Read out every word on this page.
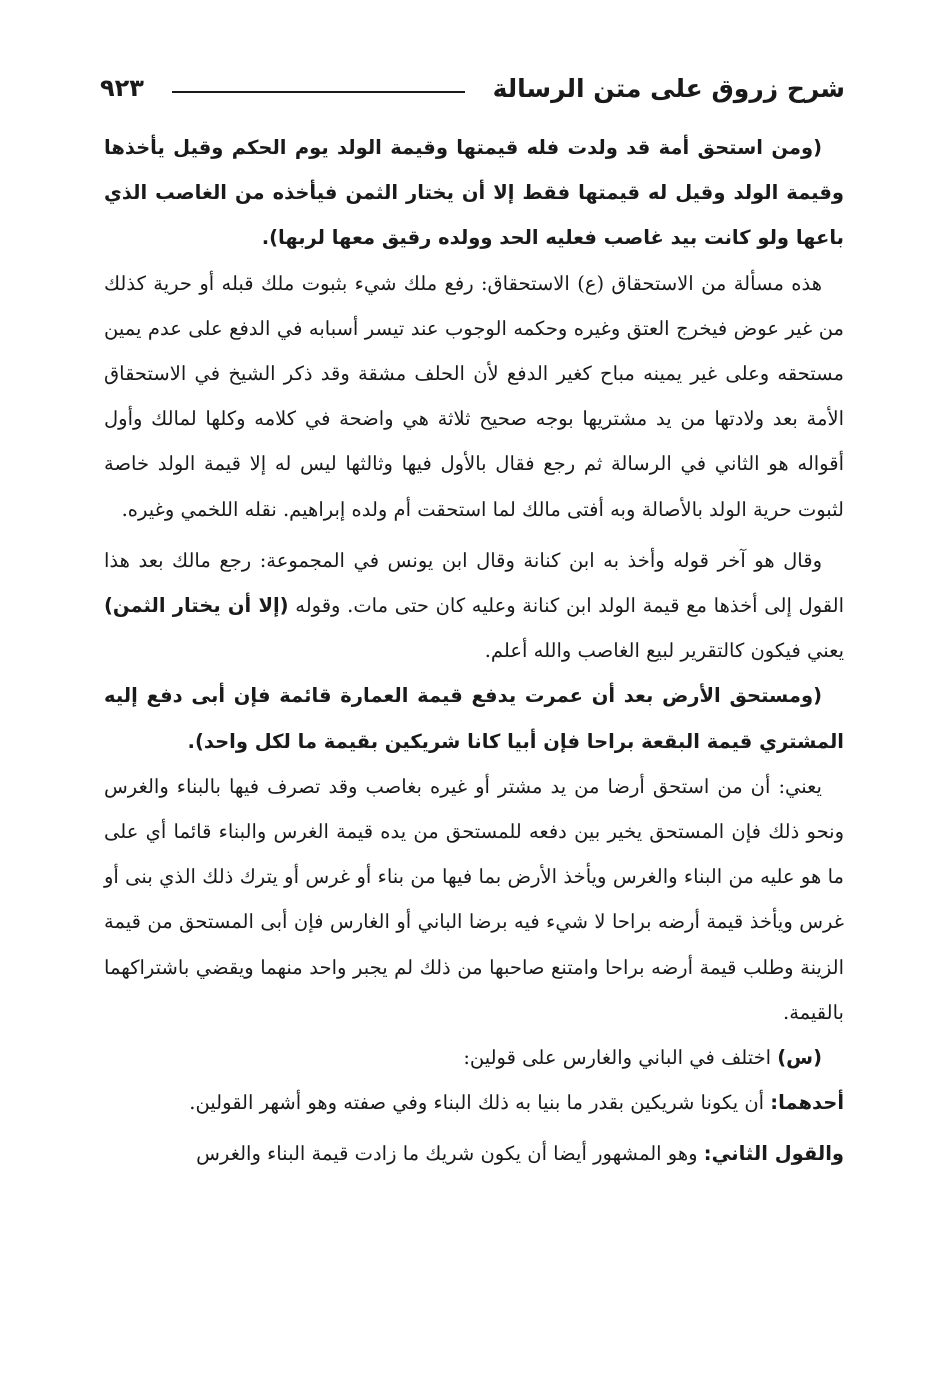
شرح زروق على متن الرسالة
٩٢٣

(ومن استحق أمة قد ولدت فله قيمتها وقيمة الولد يوم الحكم وقيل يأخذها وقيمة الولد وقيل له قيمتها فقط إلا أن يختار الثمن فيأخذه من الغاصب الذي باعها ولو كانت بيد غاصب فعليه الحد وولده رقيق معها لربها).

هذه مسألة من الاستحقاق (ع) الاستحقاق: رفع ملك شيء بثبوت ملك قبله أو حرية كذلك من غير عوض فيخرج العتق وغيره وحكمه الوجوب عند تيسر أسبابه في الدفع على عدم يمين مستحقه وعلى غير يمينه مباح كغير الدفع لأن الحلف مشقة وقد ذكر الشيخ في الاستحقاق الأمة بعد ولادتها من يد مشتريها بوجه صحيح ثلاثة هي واضحة في كلامه وكلها لمالك وأول أقواله هو الثاني في الرسالة ثم رجع فقال بالأول فيها وثالثها ليس له إلا قيمة الولد خاصة لثبوت حرية الولد بالأصالة وبه أفتى مالك لما استحقت أم ولده إبراهيم. نقله اللخمي وغيره.

وقال هو آخر قوله وأخذ به ابن كنانة وقال ابن يونس في المجموعة: رجع مالك بعد هذا القول إلى أخذها مع قيمة الولد ابن كنانة وعليه كان حتى مات. وقوله (إلا أن يختار الثمن) يعني فيكون كالتقرير لبيع الغاصب والله أعلم.

(ومستحق الأرض بعد أن عمرت يدفع قيمة العمارة قائمة فإن أبى دفع إليه المشتري قيمة البقعة براحا فإن أبيا كانا شريكين بقيمة ما لكل واحد).

يعني: أن من استحق أرضا من يد مشتر أو غيره بغاصب وقد تصرف فيها بالبناء والغرس ونحو ذلك فإن المستحق يخير بين دفعه للمستحق من يده قيمة الغرس والبناء قائما أي على ما هو عليه من البناء والغرس ويأخذ الأرض بما فيها من بناء أو غرس أو يترك ذلك الذي بنى أو غرس ويأخذ قيمة أرضه براحا لا شيء فيه برضا الباني أو الغارس فإن أبى المستحق من قيمة الزينة وطلب قيمة أرضه براحا وامتنع صاحبها من ذلك لم يجبر واحد منهما ويقضي باشتراكهما بالقيمة.

(س) اختلف في الباني والغارس على قولين:

أحدهما: أن يكونا شريكين بقدر ما بنيا به ذلك البناء وفي صفته وهو أشهر القولين.

والقول الثاني: وهو المشهور أيضا أن يكون شريك ما زادت قيمة البناء والغرس
